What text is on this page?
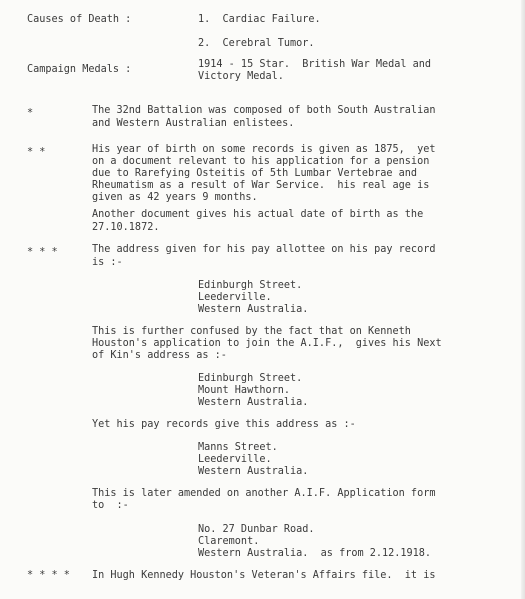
Causes of Death :	1.  Cardiac Failure.
2.  Cerebral Tumor.
Campaign Medals :	1914 - 15 Star.  British War Medal and
Victory Medal.
*	The 32nd Battalion was composed of both South Australian
and Western Australian enlistees.
* *	His year of birth on some records is given as 1875,  yet
on a document relevant to his application for a pension
due to Rarefying Osteitis of 5th Lumbar Vertebrae and
Rheumatism as a result of War Service.  his real age is
given as 42 years 9 months.
Another document gives his actual date of birth as the
27.10.1872.
* * *	The address given for his pay allottee on his pay record
is :-
Edinburgh Street.
Leederville.
Western Australia.
This is further confused by the fact that on Kenneth
Houston's application to join the A.I.F.,  gives his Next
of Kin's address as :-
Edinburgh Street.
Mount Hawthorn.
Western Australia.
Yet his pay records give this address as :-
Manns Street.
Leederville.
Western Australia.
This is later amended on another A.I.F. Application form
to  :-
No. 27 Dunbar Road.
Claremont.
Western Australia.  as from 2.12.1918.
* * * * In Hugh Kennedy Houston's Veteran's Affairs file.  it is
